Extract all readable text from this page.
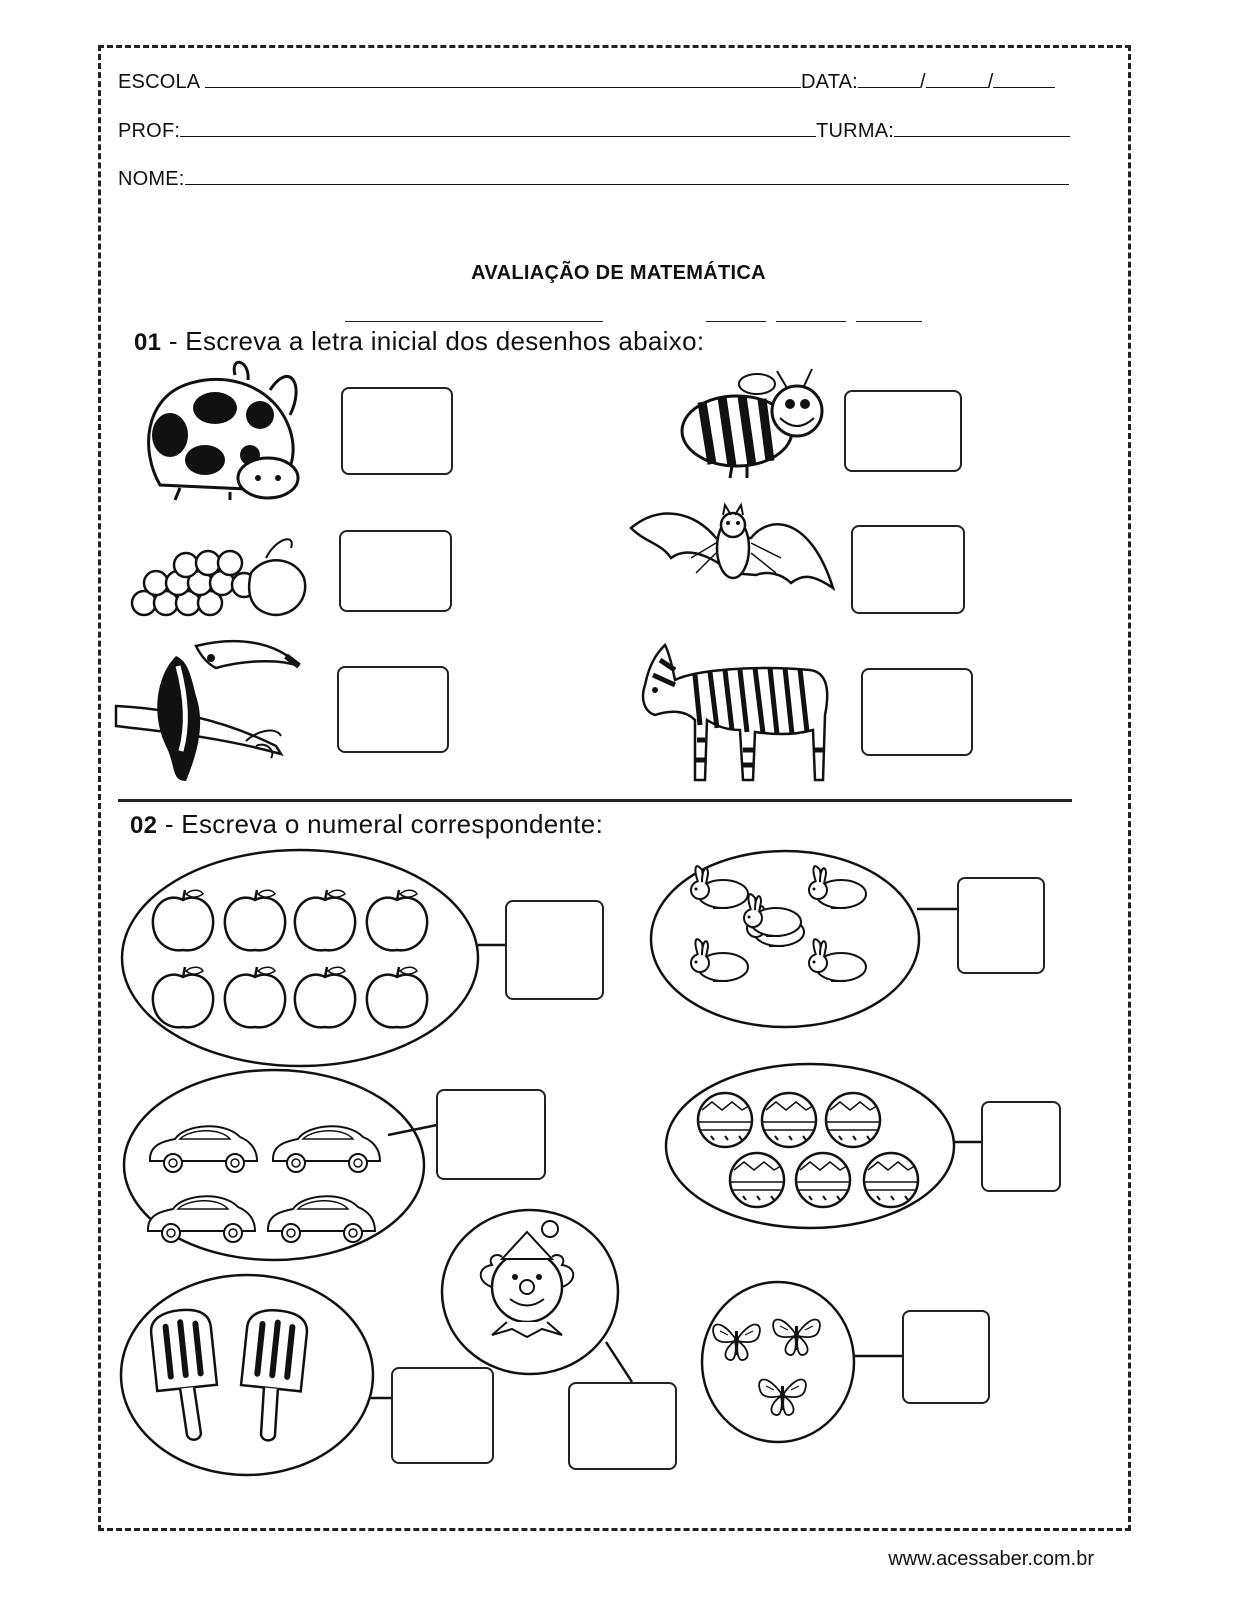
ESCOLA	DATA:	/	/
PROF:	TURMA:
NOME:
AVALIAÇÃO DE MATEMÁTICA
01 - Escreva a letra inicial dos desenhos abaixo:
02 - Escreva o numeral correspondente:
www.acessaber.com.br
